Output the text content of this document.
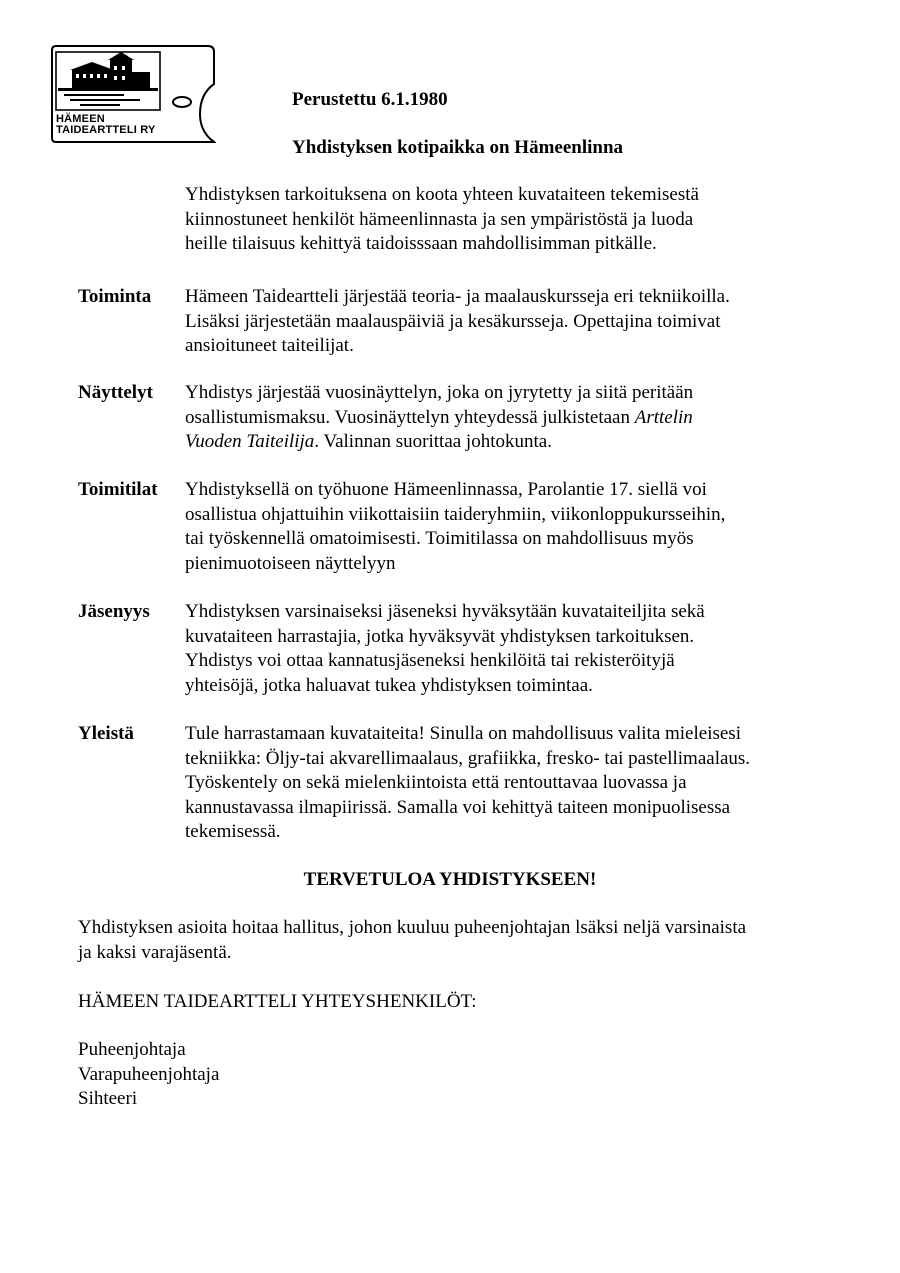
HÄMEEN
TAIDEARTTELI RY
Perustettu 6.1.1980
Yhdistyksen kotipaikka on Hämeenlinna

Yhdistyksen tarkoituksena on koota yhteen kuvataiteen tekemisestä
kiinnostuneet henkilöt hämeenlinnasta ja sen ympäristöstä ja luoda
heille tilaisuus kehittyä taidoisssaan mahdollisimman pitkälle.

Toiminta Hämeen Taideartteli järjestää teoria- ja maalauskursseja eri tekniikoilla.
Lisäksi järjestetään maalauspäiviä ja kesäkursseja. Opettajina toimivat
ansioituneet taiteilijat.

Näyttelyt Yhdistys järjestää vuosinäyttelyn, joka on jyrytetty ja siitä peritään
osallistumismaksu. Vuosinäyttelyn yhteydessä julkistetaan Arttelin
Vuoden Taiteilija. Valinnan suorittaa johtokunta.

Toimitilat Yhdistyksellä on työhuone Hämeenlinnassa, Parolantie 17. siellä voi
osallistua ohjattuihin viikottaisiin taideryhmiin, viikonloppukursseihin,
tai työskennellä omatoimisesti. Toimitilassa on mahdollisuus myös
pienimuotoiseen näyttelyyn

Jäsenyys Yhdistyksen varsinaiseksi jäseneksi hyväksytään kuvataiteiljita sekä
kuvataiteen harrastajia, jotka hyväksyvät yhdistyksen tarkoituksen.
Yhdistys voi ottaa kannatusjäseneksi henkilöitä tai rekisteröityjä
yhteisöjä, jotka haluavat tukea yhdistyksen toimintaa.

Yleistä	Tule harrastamaan kuvataiteita! Sinulla on mahdollisuus valita mieleisesi
tekniikka: Öljy-tai akvarellimaalaus, grafiikka, fresko- tai pastellimaalaus.
Työskentely on sekä mielenkiintoista että rentouttavaa luovassa ja
kannustavassa ilmapiirissä. Samalla voi kehittyä taiteen monipuolisessa
tekemisessä.

TERVETULOA YHDISTYKSEEN!

Yhdistyksen asioita hoitaa hallitus, johon kuuluu puheenjohtajan lsäksi neljä varsinaista
ja kaksi varajäsentä.

HÄMEEN TAIDEARTTELI YHTEYSHENKILÖT:

Puheenjohtaja
Varapuheenjohtaja
Sihteeri
